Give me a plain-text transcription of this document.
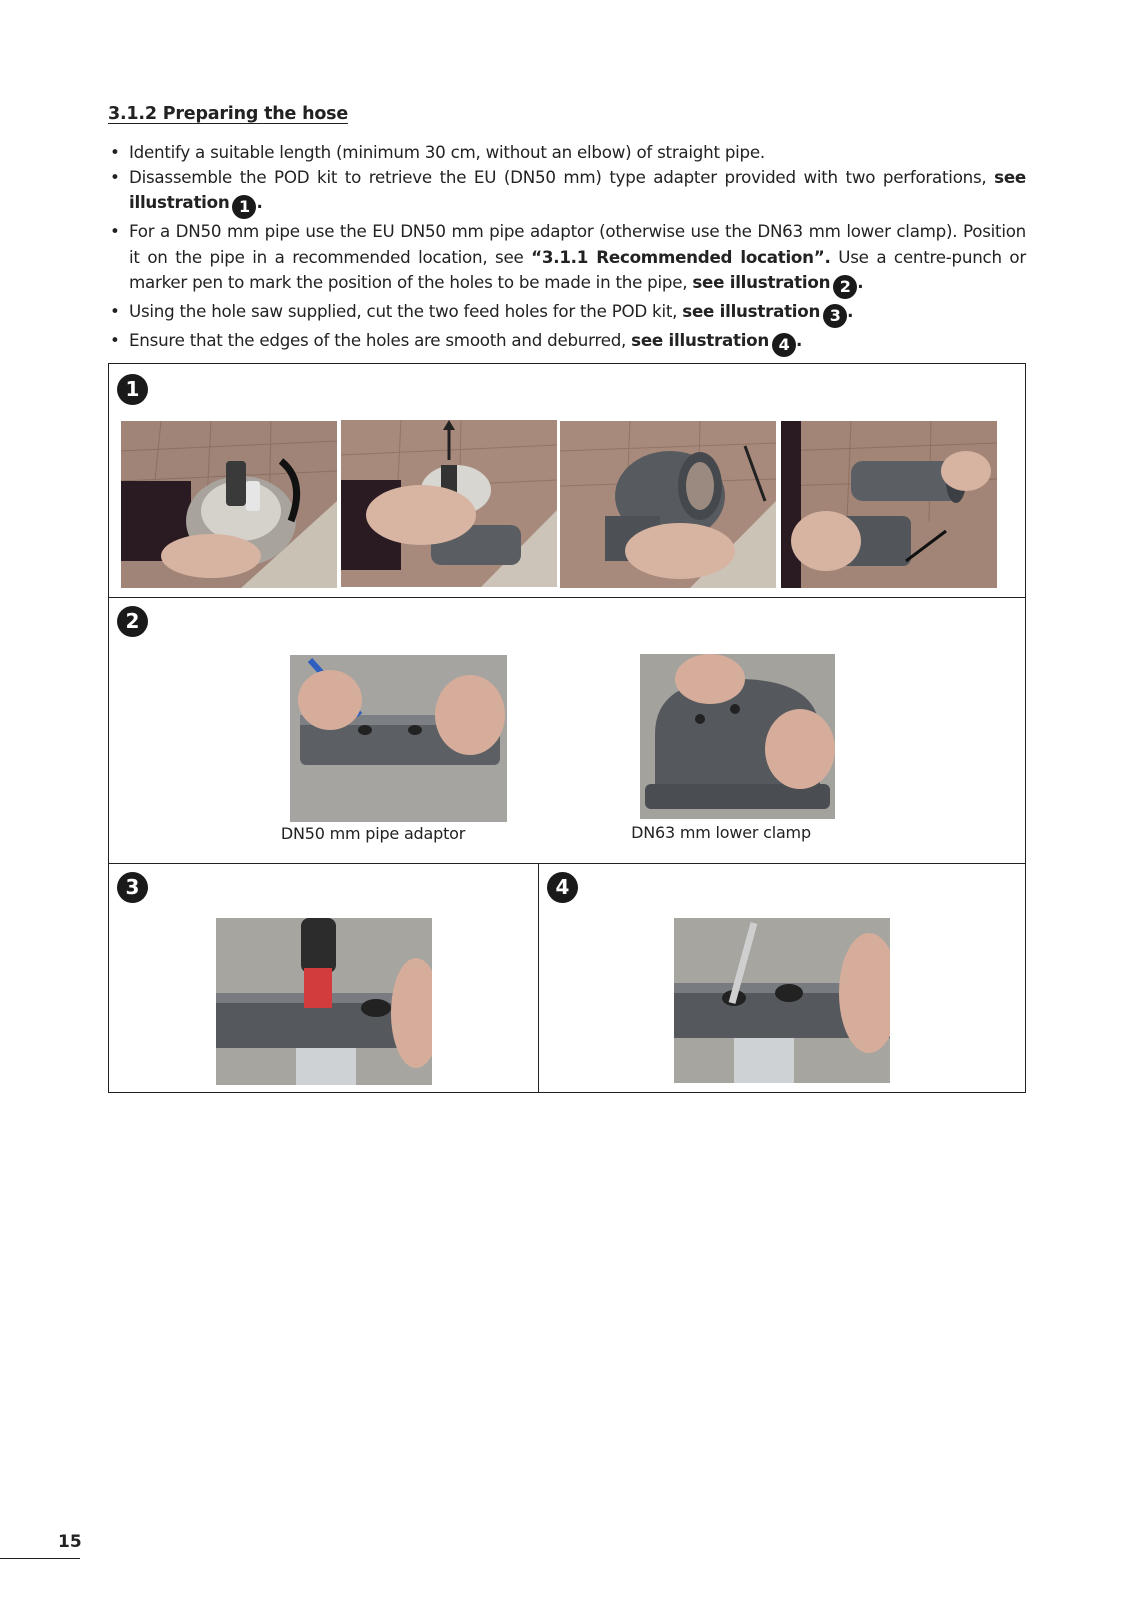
3.1.2 Preparing the hose
• Identify a suitable length (minimum 30 cm, without an elbow) of straight pipe.
• Disassemble the POD kit to retrieve the EU (DN50 mm) type adapter provided with two perforations, see illustration 1 .
• For a DN50 mm pipe use the EU DN50 mm pipe adaptor (otherwise use the DN63 mm lower clamp). Position it on the pipe in a recommended location, see “3.1.1 Recommended location”. Use a centre-punch or marker pen to mark the position of the holes to be made in the pipe, see illustration 2 .
• Using the hole saw supplied, cut the two feed holes for the POD kit, see illustration 3 .
• Ensure that the edges of the holes are smooth and deburred, see illustration 4 .
1
2
DN50 mm pipe adaptor	DN63 mm lower clamp
3	4
15
